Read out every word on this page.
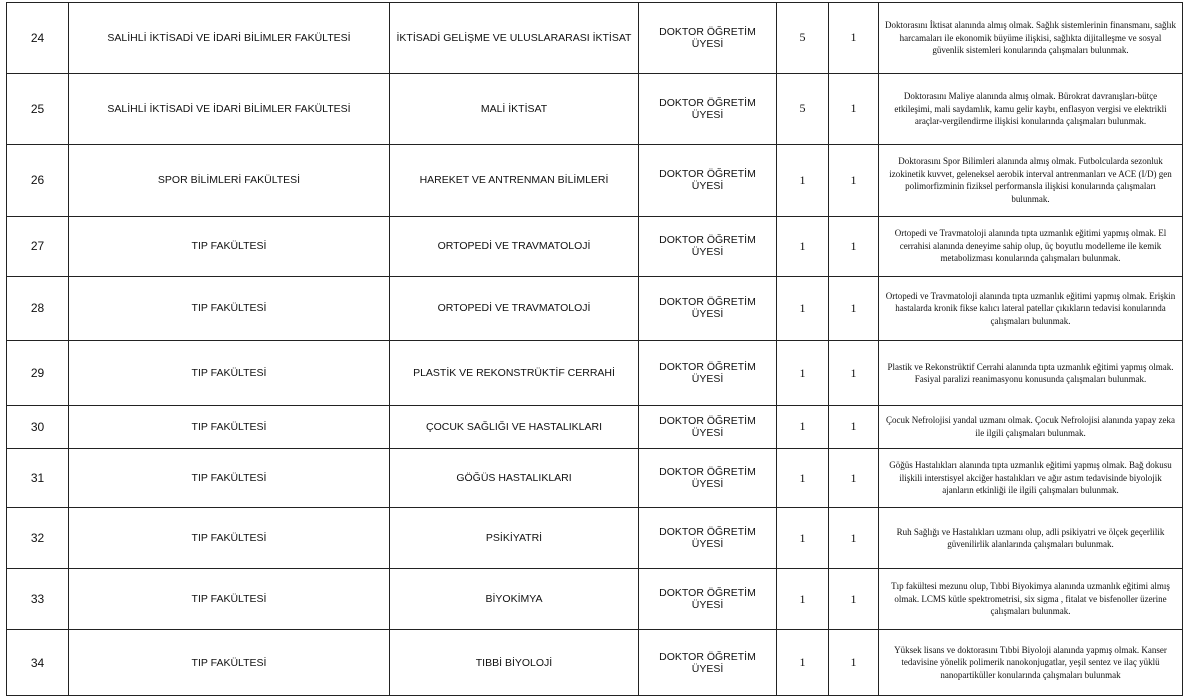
24	SALİHLİ İKTİSADİ VE İDARİ BİLİMLER FAKÜLTESİ	İKTİSADİ GELİŞME VE ULUSLARARASI İKTİSAT	DOKTOR ÖĞRETİM ÜYESİ	5	1	Doktorasını İktisat alanında almış olmak. Sağlık sistemlerinin finansmanı, sağlık harcamaları ile ekonomik büyüme ilişkisi, sağlıkta dijitalleşme ve sosyal güvenlik sistemleri konularında çalışmaları bulunmak.
25	SALİHLİ İKTİSADİ VE İDARİ BİLİMLER FAKÜLTESİ	MALİ İKTİSAT	DOKTOR ÖĞRETİM ÜYESİ	5	1	Doktorasını Maliye alanında almış olmak. Bürokrat davranışları-bütçe etkileşimi, mali saydamlık, kamu gelir kaybı, enflasyon vergisi ve elektrikli araçlar-vergilendirme ilişkisi konularında çalışmaları bulunmak.
26	SPOR BİLİMLERİ FAKÜLTESİ	HAREKET VE ANTRENMAN BİLİMLERİ	DOKTOR ÖĞRETİM ÜYESİ	1	1	Doktorasını Spor Bilimleri alanında almış olmak. Futbolcularda sezonluk izokinetik kuvvet, geleneksel aerobik interval antrenmanları ve ACE (I/D) gen polimorfizminin fiziksel performansla ilişkisi konularında çalışmaları bulunmak.
27	TIP FAKÜLTESİ	ORTOPEDİ VE TRAVMATOLOJİ	DOKTOR ÖĞRETİM ÜYESİ	1	1	Ortopedi ve Travmatoloji alanında tıpta uzmanlık eğitimi yapmış olmak. El cerrahisi alanında deneyime sahip olup, üç boyutlu modelleme ile kemik metabolizması konularında çalışmaları bulunmak.
28	TIP FAKÜLTESİ	ORTOPEDİ VE TRAVMATOLOJİ	DOKTOR ÖĞRETİM ÜYESİ	1	1	Ortopedi ve Travmatoloji alanında tıpta uzmanlık eğitimi yapmış olmak. Erişkin hastalarda kronik fikse kalıcı lateral patellar çıkıkların tedavisi konularında çalışmaları bulunmak.
29	TIP FAKÜLTESİ	PLASTİK VE REKONSTRÜKTİF CERRAHİ	DOKTOR ÖĞRETİM ÜYESİ	1	1	Plastik ve Rekonstrüktif Cerrahi alanında tıpta uzmanlık eğitimi yapmış olmak. Fasiyal paralizi reanimasyonu konusunda çalışmaları bulunmak.
30	TIP FAKÜLTESİ	ÇOCUK SAĞLIĞI VE HASTALIKLARI	DOKTOR ÖĞRETİM ÜYESİ	1	1	Çocuk Nefrolojisi yandal uzmanı olmak. Çocuk Nefrolojisi alanında yapay zeka ile ilgili çalışmaları bulunmak.
31	TIP FAKÜLTESİ	GÖĞÜS HASTALIKLARI	DOKTOR ÖĞRETİM ÜYESİ	1	1	Göğüs Hastalıkları alanında tıpta uzmanlık eğitimi yapmış olmak. Bağ dokusu ilişkili interstisyel akciğer hastalıkları ve ağır astım tedavisinde biyolojik ajanların etkinliği ile ilgili çalışmaları bulunmak.
32	TIP FAKÜLTESİ	PSİKİYATRİ	DOKTOR ÖĞRETİM ÜYESİ	1	1	Ruh Sağlığı ve Hastalıkları uzmanı olup, adli psikiyatri ve ölçek geçerlilik güvenilirlik alanlarında çalışmaları bulunmak.
33	TIP FAKÜLTESİ	BİYOKİMYA	DOKTOR ÖĞRETİM ÜYESİ	1	1	Tıp fakültesi mezunu olup, Tıbbi Biyokimya alanında uzmanlık eğitimi almış olmak. LCMS kütle spektrometrisi, six sigma , fitalat ve bisfenoller üzerine çalışmaları bulunmak.
34	TIP FAKÜLTESİ	TIBBİ BİYOLOJİ	DOKTOR ÖĞRETİM ÜYESİ	1	1	Yüksek lisans ve doktorasını Tıbbi Biyoloji alanında yapmış olmak. Kanser tedavisine yönelik polimerik nanokonjugatlar, yeşil sentez ve ilaç yüklü nanopartiküller konularında çalışmaları bulunmak
